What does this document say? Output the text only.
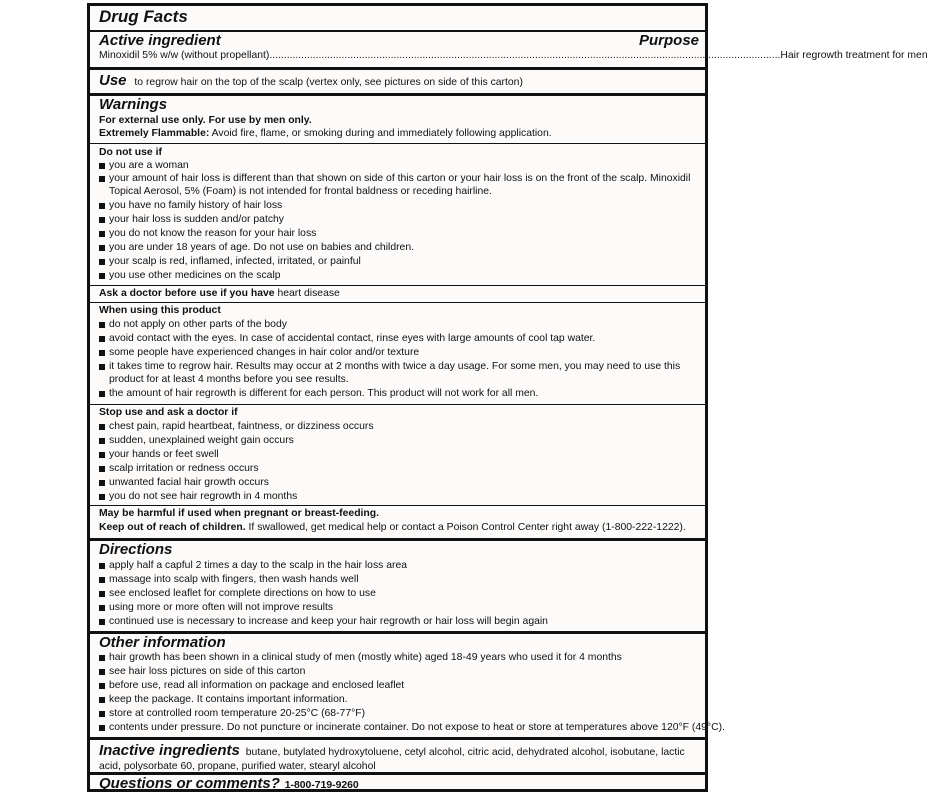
Drug Facts
Active ingredient	Purpose
Minoxidil 5% w/w (without propellant) ................................................................................................................................................................................. Hair regrowth treatment for men
Use to regrow hair on the top of the scalp (vertex only, see pictures on side of this carton)
Warnings
For external use only. For use by men only.
Extremely Flammable: Avoid fire, flame, or smoking during and immediately following application.
Do not use if
you are a woman
your amount of hair loss is different than that shown on side of this carton or your hair loss is on the front of the scalp. Minoxidil Topical Aerosol, 5% (Foam) is not intended for frontal baldness or receding hairline.
you have no family history of hair loss
your hair loss is sudden and/or patchy
you do not know the reason for your hair loss
you are under 18 years of age. Do not use on babies and children.
your scalp is red, inflamed, infected, irritated, or painful
you use other medicines on the scalp
Ask a doctor before use if you have heart disease
When using this product
do not apply on other parts of the body
avoid contact with the eyes. In case of accidental contact, rinse eyes with large amounts of cool tap water.
some people have experienced changes in hair color and/or texture
it takes time to regrow hair. Results may occur at 2 months with twice a day usage. For some men, you may need to use this product for at least 4 months before you see results.
the amount of hair regrowth is different for each person. This product will not work for all men.
Stop use and ask a doctor if
chest pain, rapid heartbeat, faintness, or dizziness occurs
sudden, unexplained weight gain occurs
your hands or feet swell
scalp irritation or redness occurs
unwanted facial hair growth occurs
you do not see hair regrowth in 4 months
May be harmful if used when pregnant or breast-feeding.
Keep out of reach of children. If swallowed, get medical help or contact a Poison Control Center right away (1-800-222-1222).
Directions
apply half a capful 2 times a day to the scalp in the hair loss area
massage into scalp with fingers, then wash hands well
see enclosed leaflet for complete directions on how to use
using more or more often will not improve results
continued use is necessary to increase and keep your hair regrowth or hair loss will begin again
Other information
hair growth has been shown in a clinical study of men (mostly white) aged 18-49 years who used it for 4 months
see hair loss pictures on side of this carton
before use, read all information on package and enclosed leaflet
keep the package. It contains important information.
store at controlled room temperature 20-25°C (68-77°F)
contents under pressure. Do not puncture or incinerate container. Do not expose to heat or store at temperatures above 120°F (49°C).
Inactive ingredients butane, butylated hydroxytoluene, cetyl alcohol, citric acid, dehydrated alcohol, isobutane, lactic acid, polysorbate 60, propane, purified water, stearyl alcohol
Questions or comments? 1-800-719-9260
